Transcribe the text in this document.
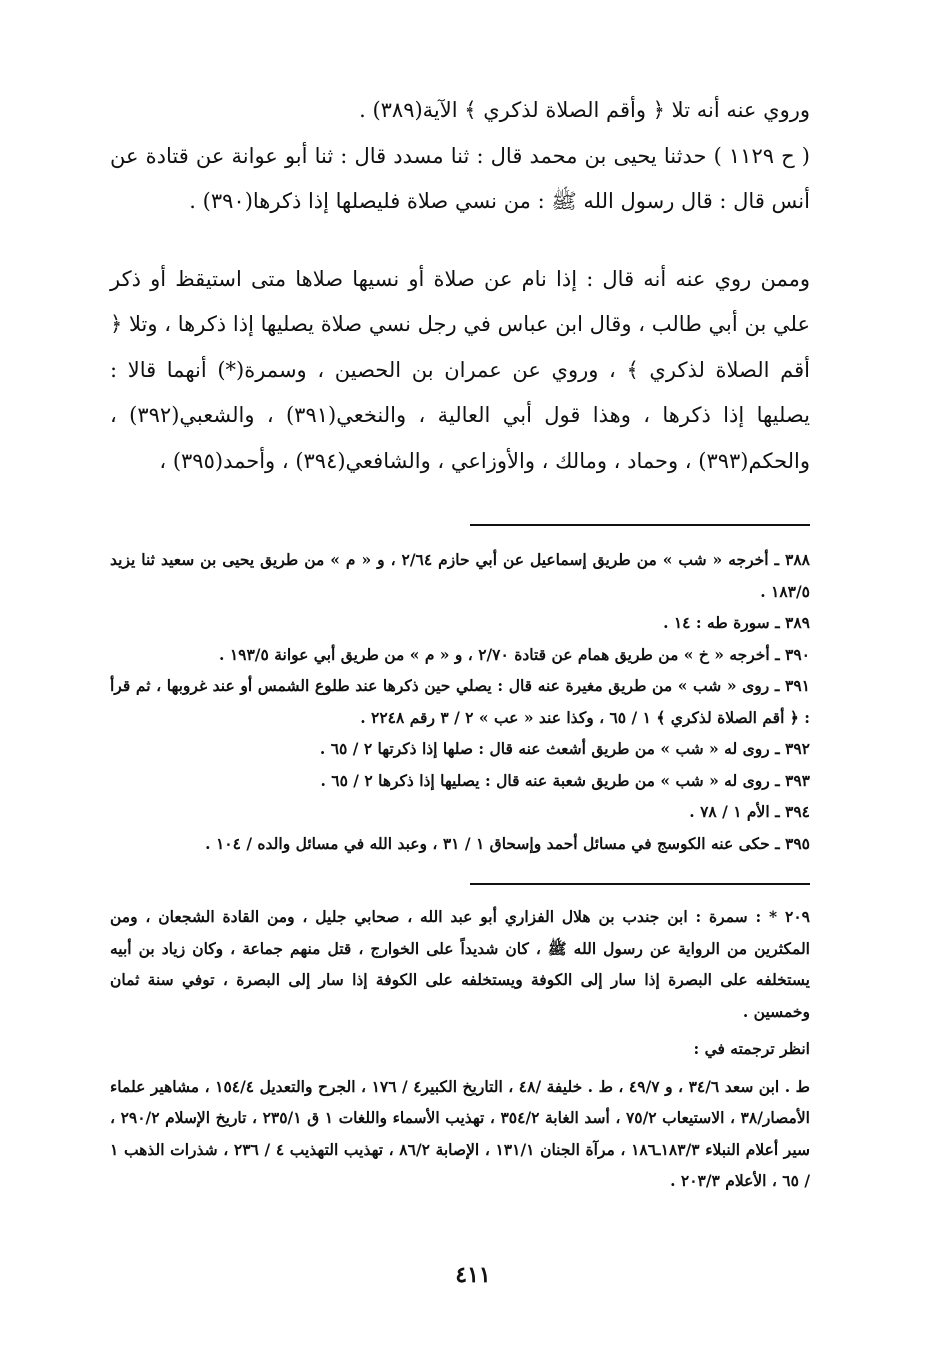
وروي عنه أنه تلا ﴿ وأقم الصلاة لذكري ﴾ الآية(٣٨٩) .

( ح ١١٢٩ ) حدثنا يحيى بن محمد قال : ثنا مسدد قال : ثنا أبو عوانة عن قتادة عن أنس قال : قال رسول الله ﷺ : من نسي صلاة فليصلها إذا ذكرها(٣٩٠) .

وممن روي عنه أنه قال : إذا نام عن صلاة أو نسيها صلاها متى استيقظ أو ذكر علي بن أبي طالب ، وقال ابن عباس في رجل نسي صلاة يصليها إذا ذكرها ، وتلا ﴿ أقم الصلاة لذكري ﴾ ، وروي عن عمران بن الحصين ، وسمرة(*) أنهما قالا : يصليها إذا ذكرها ، وهذا قول أبي العالية ، والنخعي(٣٩١) ، والشعبي(٣٩٢) ، والحكم(٣٩٣) ، وحماد ، ومالك ، والأوزاعي ، والشافعي(٣٩٤) ، وأحمد(٣٩٥) ،

٣٨٨ ـ أخرجه « شب » من طريق إسماعيل عن أبي حازم ٢/٦٤ ، و « م » من طريق يحيى بن سعيد ثنا يزيد ١٨٣/٥ .

٣٨٩ ـ سورة طه : ١٤ .

٣٩٠ ـ أخرجه « خ » من طريق همام عن قتادة ٢/٧٠ ، و « م » من طريق أبي عوانة ١٩٣/٥ .

٣٩١ ـ روى « شب » من طريق مغيرة عنه قال : يصلي حين ذكرها عند طلوع الشمس أو عند غروبها ، ثم قرأ : ﴿ أقم الصلاة لذكري ﴾ ١ / ٦٥ ، وكذا عند « عب » ٢ / ٣ رقم ٢٢٤٨ .

٣٩٢ ـ روى له « شب » من طريق أشعث عنه قال : صلها إذا ذكرتها ٢ / ٦٥ .

٣٩٣ ـ روى له « شب » من طريق شعبة عنه قال : يصليها إذا ذكرها ٢ / ٦٥ .

٣٩٤ ـ الأم ١ / ٧٨ .

٣٩٥ ـ حكى عنه الكوسج في مسائل أحمد وإسحاق ١ / ٣١ ، وعبد الله في مسائل والده / ١٠٤ .

٢٠٩ * : سمرة : ابن جندب بن هلال الفزاري أبو عبد الله ، صحابي جليل ، ومن القادة الشجعان ، ومن المكثرين من الرواية عن رسول الله ﷺ ، كان شديداً على الخوارج ، قتل منهم جماعة ، وكان زياد بن أبيه يستخلفه على البصرة إذا سار إلى الكوفة ويستخلفه على الكوفة إذا سار إلى البصرة ، توفي سنة ثمان وخمسين .

انظر ترجمته في :

ط . ابن سعد ٣٤/٦ ، و ٤٩/٧ ، ط . خليفة /٤٨ ، التاريخ الكبير٤ / ١٧٦ ، الجرح والتعديل ١٥٤/٤ ، مشاهير علماء الأمصار/٣٨ ، الاستيعاب ٧٥/٢ ، أسد الغابة ٣٥٤/٢ ، تهذيب الأسماء واللغات ١ ق ٢٣٥/١ ، تاريخ الإسلام ٢٩٠/٢ ، سير أعلام النبلاء ١٨٣/٣ـ١٨٦ ، مرآة الجنان ١٣١/١ ، الإصابة ٨٦/٢ ، تهذيب التهذيب ٤ / ٢٣٦ ، شذرات الذهب ١ / ٦٥ ، الأعلام ٢٠٣/٣ .

٤١١
